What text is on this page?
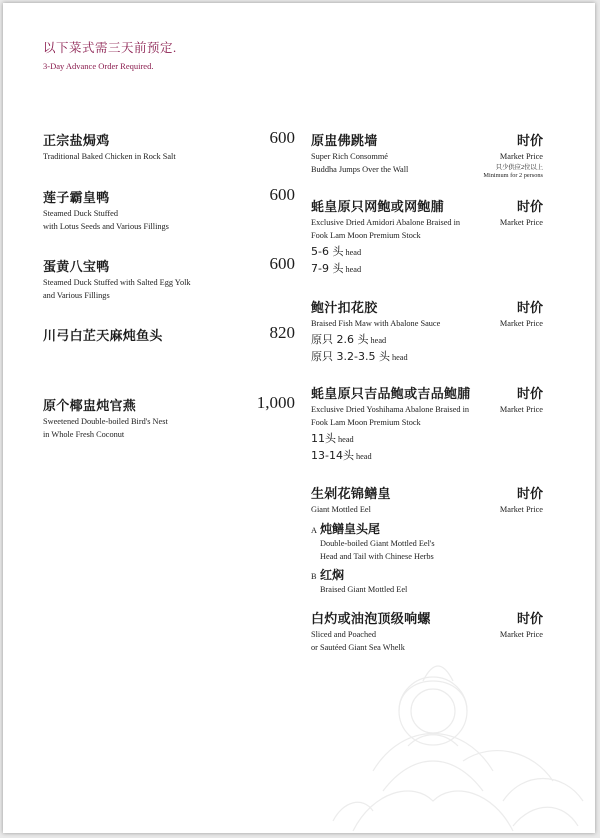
以下菜式需三天前预定.
3-Day Advance Order Required.
正宗盐焗鸡
Traditional Baked Chicken in Rock Salt
600
莲子霸皇鸭
Steamed Duck Stuffed
with Lotus Seeds and Various Fillings
600
蛋黄八宝鸭
Steamed Duck Stuffed with Salted Egg Yolk
and Various Fillings
600
川弓白芷天麻炖鱼头	820
原个椰盅炖官燕
Sweetened Double-boiled Bird's Nest
in Whole Fresh Coconut
1,000
原盅佛跳墙
Super Rich Consommé
Buddha Jumps Over the Wall
时价
Market Price
只少供应2位以上
Minimum for 2 persons
蚝皇原只网鲍或网鲍脯
Exclusive Dried Amidori Abalone Braised in
Fook Lam Moon Premium Stock
5-6 头 head
7-9 头 head
时价
Market Price
鲍汁扣花胶
Braised Fish Maw with Abalone Sauce
原只 2.6 头 head
原只 3.2-3.5 头 head
时价
Market Price
蚝皇原只吉品鲍或吉品鲍脯
Exclusive Dried Yoshihama Abalone Braised in
Fook Lam Moon Premium Stock
11头 head
13-14头 head
时价
Market Price
生剁花锦鳝皇
Giant Mottled Eel
A 炖鳝皇头尾
Double-boiled Giant Mottled Eel's
Head and Tail with Chinese Herbs
B 红焖
Braised Giant Mottled Eel
时价
Market Price
白灼或油泡顶级响螺
Sliced and Poached
or Sautéed Giant Sea Whelk
时价
Market Price
